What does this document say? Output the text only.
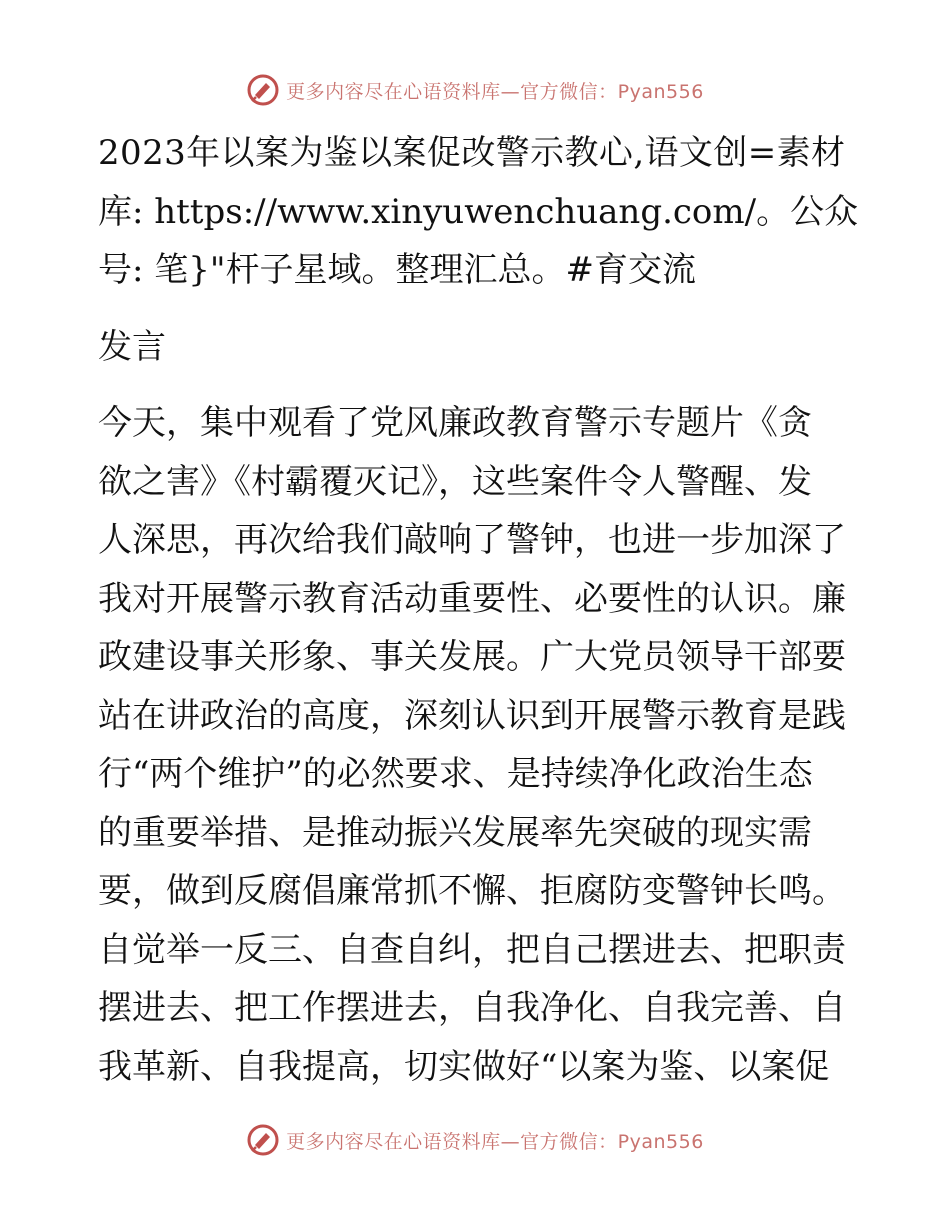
更多内容尽在心语资料库—官方微信：Pyan556
2023年以案为鉴以案促改警示教心,语文创=素材
库: https://www.xinyuwenchuang.com/。公众
号: 笔}"杆子星域。整理汇总。#育交流
发言
今天，集中观看了党风廉政教育警示专题片《贪
欲之害》《村霸覆灭记》，这些案件令人警醒、发
人深思，再次给我们敲响了警钟，也进一步加深了
我对开展警示教育活动重要性、必要性的认识。廉
政建设事关形象、事关发展。广大党员领导干部要
站在讲政治的高度，深刻认识到开展警示教育是践
行“两个维护”的必然要求、是持续净化政治生态
的重要举措、是推动振兴发展率先突破的现实需
要，做到反腐倡廉常抓不懈、拒腐防变警钟长鸣。
自觉举一反三、自查自纠，把自己摆进去、把职责
摆进去、把工作摆进去，自我净化、自我完善、自
我革新、自我提高，切实做好“以案为鉴、以案促
更多内容尽在心语资料库—官方微信：Pyan556
